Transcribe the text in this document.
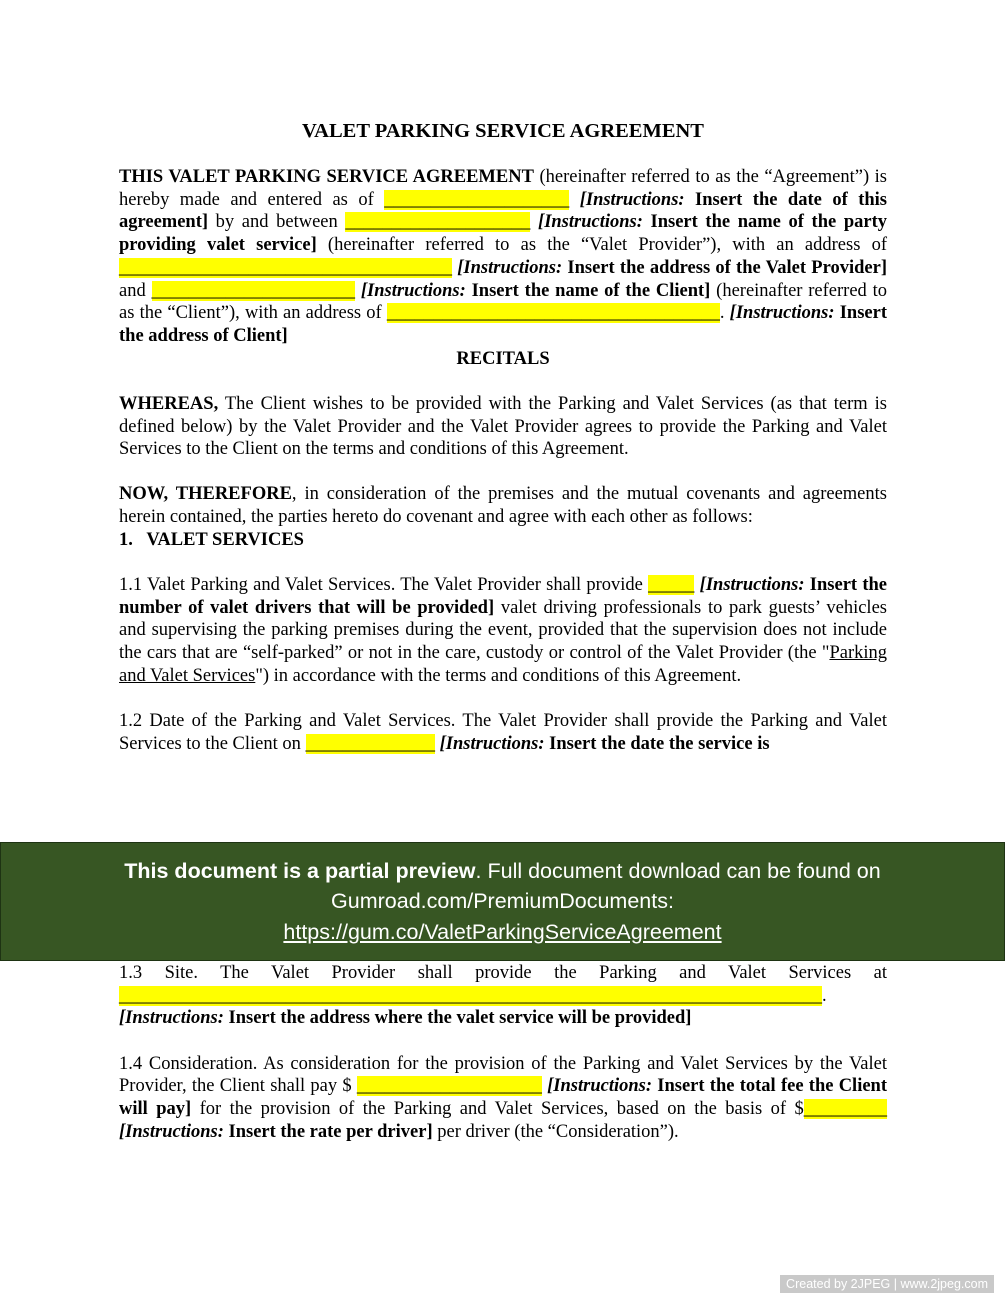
VALET PARKING SERVICE AGREEMENT

THIS VALET PARKING SERVICE AGREEMENT (hereinafter referred to as the “Agreement”) is hereby made and entered as of ____________________ [Instructions: Insert the date of this agreement] by and between ____________________ [Instructions: Insert the name of the party providing valet service] (hereinafter referred to as the “Valet Provider”), with an address of ____________________________________ [Instructions: Insert the address of the Valet Provider] and ______________________ [Instructions: Insert the name of the Client] (hereinafter referred to as the “Client”), with an address of ____________________________________. [Instructions: Insert the address of Client]

RECITALS

WHEREAS, The Client wishes to be provided with the Parking and Valet Services (as that term is defined below) by the Valet Provider and the Valet Provider agrees to provide the Parking and Valet Services to the Client on the terms and conditions of this Agreement.

NOW, THEREFORE, in consideration of the premises and the mutual covenants and agreements herein contained, the parties hereto do covenant and agree with each other as follows:

1.   VALET SERVICES

1.1 Valet Parking and Valet Services. The Valet Provider shall provide _____ [Instructions: Insert the number of valet drivers that will be provided] valet driving professionals to park guests’ vehicles and supervising the parking premises during the event, provided that the supervision does not include the cars that are “self-parked” or not in the care, custody or control of the Valet Provider (the "Parking and Valet Services") in accordance with the terms and conditions of this Agreement.

1.2 Date of the Parking and Valet Services. The Valet Provider shall provide the Parking and Valet Services to the Client on ______________ [Instructions: Insert the date the service is

This document is a partial preview. Full document download can be found on Gumroad.com/PremiumDocuments:
https://gum.co/ValetParkingServiceAgreement

1.3 Site. The Valet Provider shall provide the Parking and Valet Services at ____________________________________________________________________________.

[Instructions: Insert the address where the valet service will be provided]

1.4 Consideration. As consideration for the provision of the Parking and Valet Services by the Valet Provider, the Client shall pay $ ____________________ [Instructions: Insert the total fee the Client will pay] for the provision of the Parking and Valet Services, based on the basis of $_________ [Instructions: Insert the rate per driver] per driver (the “Consideration”).

Created by 2JPEG | www.2jpeg.com
